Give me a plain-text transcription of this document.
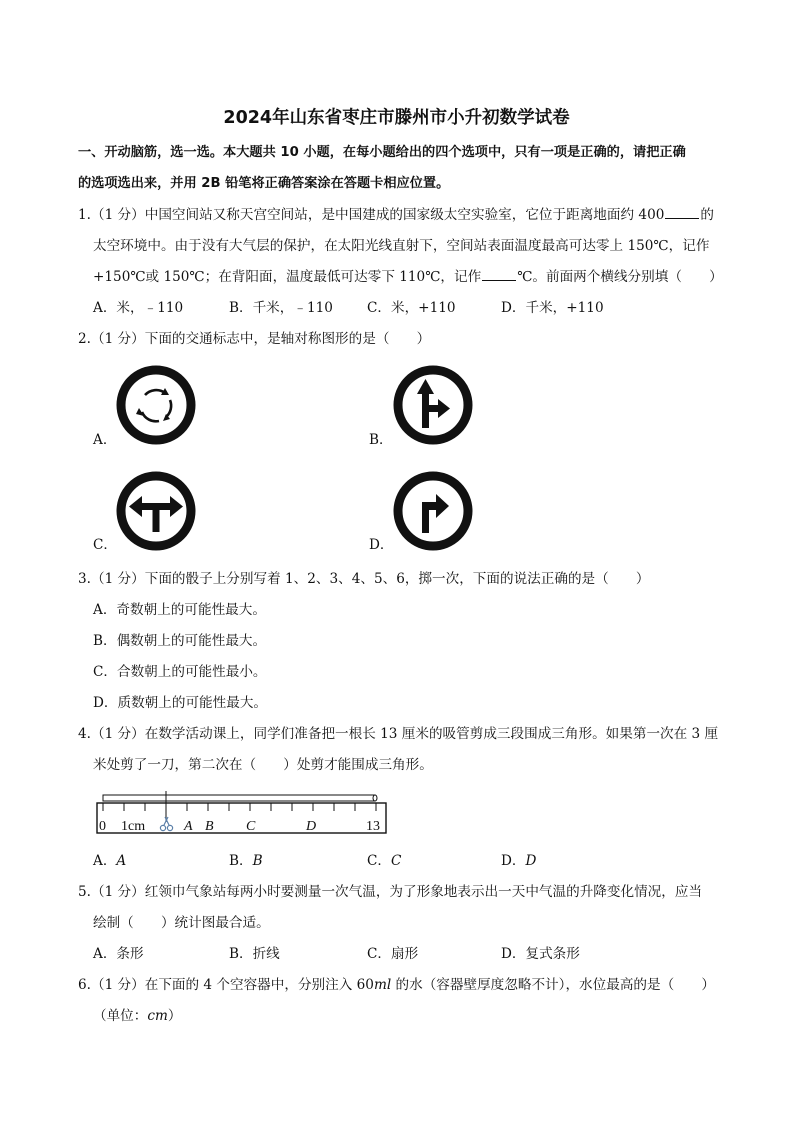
2024年山东省枣庄市滕州市小升初数学试卷
一、开动脑筋，选一选。本大题共 10 小题，在每小题给出的四个选项中，只有一项是正确的，请把正确
的选项选出来，并用 2B 铅笔将正确答案涂在答题卡相应位置。
1.（1 分）中国空间站又称天宫空间站，是中国建成的国家级太空实验室，它位于距离地面约 400	的
太空环境中。由于没有大气层的保护，在太阳光线直射下，空间站表面温度最高可达零上 150℃，记作
+150℃或 150℃；在背阳面，温度最低可达零下 110℃，记作	℃。前面两个横线分别填（　　）
A．米，﹣110	B．千米，﹣110	C．米，+110	D．千米，+110
2.（1 分）下面的交通标志中，是轴对称图形的是（　　）
A．	B．
C．	D．
3.（1 分）下面的骰子上分别写着 1、2、3、4、5、6，掷一次，下面的说法正确的是（　　）
A．奇数朝上的可能性最大。
B．偶数朝上的可能性最大。
C．合数朝上的可能性最小。
D．质数朝上的可能性最大。
4.（1 分）在数学活动课上，同学们准备把一根长 13 厘米的吸管剪成三段围成三角形。如果第一次在 3 厘
米处剪了一刀，第二次在（　　）处剪才能围成三角形。
0 1cm	A B C	D	13
A．A	B．B	C．C	D．D
5.（1 分）红领巾气象站每两小时要测量一次气温，为了形象地表示出一天中气温的升降变化情况，应当
绘制（　　）统计图最合适。
A．条形	B．折线	C．扇形	D．复式条形
6.（1 分）在下面的 4 个空容器中，分别注入 60ml 的水（容器壁厚度忽略不计），水位最高的是（　　）
（单位：cm）
